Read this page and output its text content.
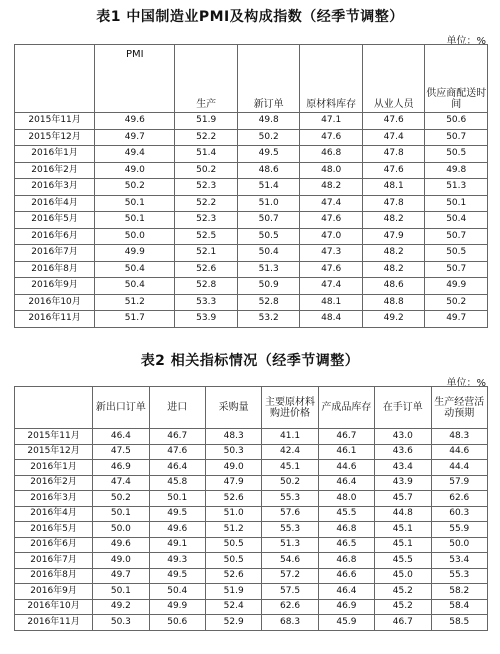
表1 中国制造业PMI及构成指数（经季节调整）
单位：%
	PMI	生产	新订单	原材料库存	从业人员	供应商配送时间
2015年11月	49.6	51.9	49.8	47.1	47.6	50.6
2015年12月	49.7	52.2	50.2	47.6	47.4	50.7
2016年1月	49.4	51.4	49.5	46.8	47.8	50.5
2016年2月	49.0	50.2	48.6	48.0	47.6	49.8
2016年3月	50.2	52.3	51.4	48.2	48.1	51.3
2016年4月	50.1	52.2	51.0	47.4	47.8	50.1
2016年5月	50.1	52.3	50.7	47.6	48.2	50.4
2016年6月	50.0	52.5	50.5	47.0	47.9	50.7
2016年7月	49.9	52.1	50.4	47.3	48.2	50.5
2016年8月	50.4	52.6	51.3	47.6	48.2	50.7
2016年9月	50.4	52.8	50.9	47.4	48.6	49.9
2016年10月	51.2	53.3	52.8	48.1	48.8	50.2
2016年11月	51.7	53.9	53.2	48.4	49.2	49.7
表2 相关指标情况（经季节调整）
单位：%
	新出口订单	进口	采购量	主要原材料购进价格	产成品库存	在手订单	生产经营活动预期
2015年11月	46.4	46.7	48.3	41.1	46.7	43.0	48.3
2015年12月	47.5	47.6	50.3	42.4	46.1	43.6	44.6
2016年1月	46.9	46.4	49.0	45.1	44.6	43.4	44.4
2016年2月	47.4	45.8	47.9	50.2	46.4	43.9	57.9
2016年3月	50.2	50.1	52.6	55.3	48.0	45.7	62.6
2016年4月	50.1	49.5	51.0	57.6	45.5	44.8	60.3
2016年5月	50.0	49.6	51.2	55.3	46.8	45.1	55.9
2016年6月	49.6	49.1	50.5	51.3	46.5	45.1	50.0
2016年7月	49.0	49.3	50.5	54.6	46.8	45.5	53.4
2016年8月	49.7	49.5	52.6	57.2	46.6	45.0	55.3
2016年9月	50.1	50.4	51.9	57.5	46.4	45.2	58.2
2016年10月	49.2	49.9	52.4	62.6	46.9	45.2	58.4
2016年11月	50.3	50.6	52.9	68.3	45.9	46.7	58.5
